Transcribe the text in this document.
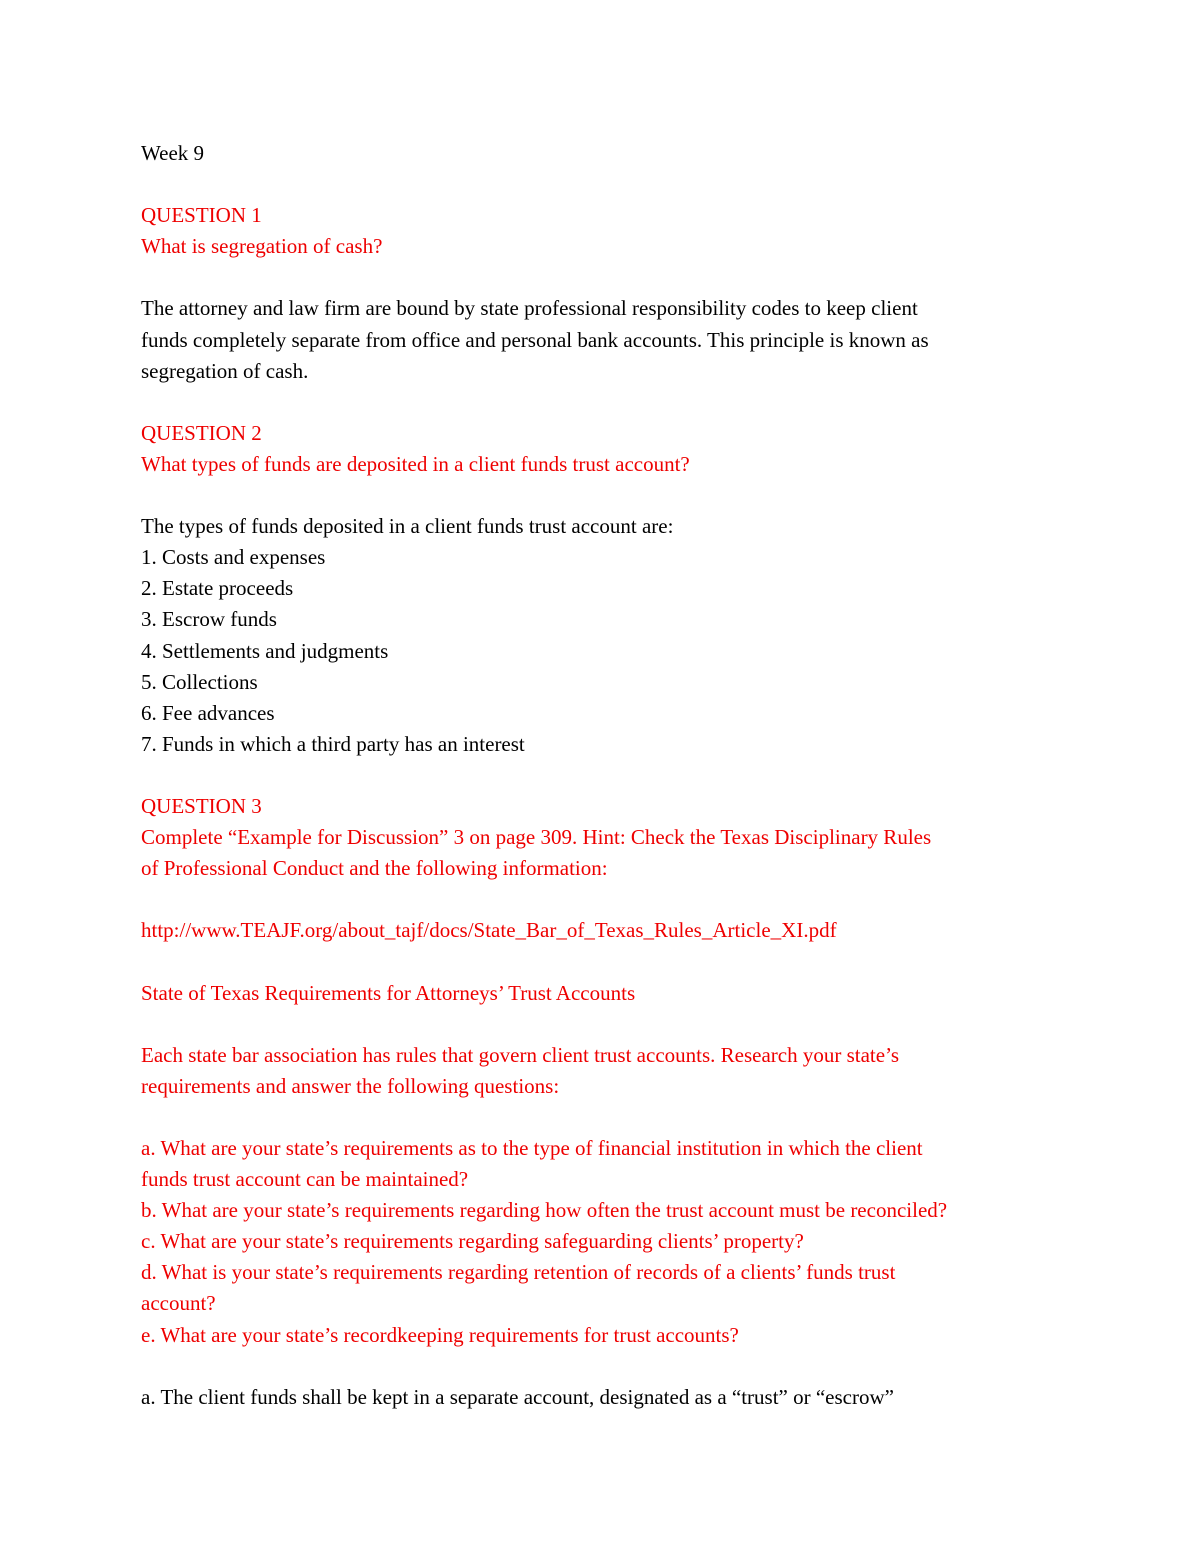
Week 9

QUESTION 1

What is segregation of cash?

The attorney and law firm are bound by state professional responsibility codes to keep client

funds completely separate from office and personal bank accounts. This principle is known as

segregation of cash.

QUESTION 2

What types of funds are deposited in a client funds trust account?

The types of funds deposited in a client funds trust account are:

1. Costs and expenses

2. Estate proceeds

3. Escrow funds

4. Settlements and judgments

5. Collections

6. Fee advances

7. Funds in which a third party has an interest

QUESTION 3

Complete “Example for Discussion” 3 on page 309. Hint: Check the Texas Disciplinary Rules

of Professional Conduct and the following information:

http://www.TEAJF.org/about_tajf/docs/State_Bar_of_Texas_Rules_Article_XI.pdf

State of Texas Requirements for Attorneys’ Trust Accounts

Each state bar association has rules that govern client trust accounts. Research your state’s

requirements and answer the following questions:

a. What are your state’s requirements as to the type of financial institution in which the client

funds trust account can be maintained?

b. What are your state’s requirements regarding how often the trust account must be reconciled?

c. What are your state’s requirements regarding safeguarding clients’ property?

d. What is your state’s requirements regarding retention of records of a clients’ funds trust

account?

e. What are your state’s recordkeeping requirements for trust accounts?

a. The client funds shall be kept in a separate account, designated as a “trust” or “escrow”
